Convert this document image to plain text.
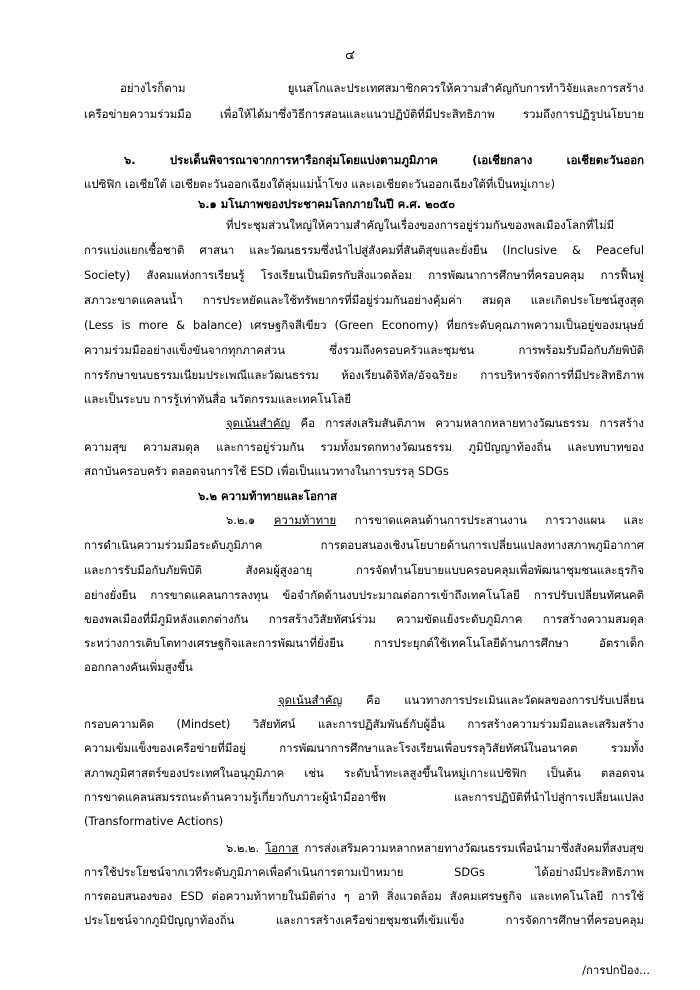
๔
อย่างไรก็ตาม ยูเนสโกและประเทศสมาชิกควรให้ความสำคัญกับการทำวิจัยและการสร้าง
เครือข่ายความร่วมมือ เพื่อให้ได้มาซึ่งวิธีการสอนและแนวปฏิบัติที่มีประสิทธิภาพ รวมถึงการปฏิรูปนโยบาย
๖. ประเด็นพิจารณาจากการหารือกลุ่มโดยแบ่งตามภูมิภาค (เอเชียกลาง เอเชียตะวันออก
แปซิฟิก เอเชียใต้ เอเชียตะวันออกเฉียงใต้ลุ่มแม่น้ำโขง และเอเชียตะวันออกเฉียงใต้ที่เป็นหมู่เกาะ)
๖.๑ มโนภาพของประชาคมโลกภายในปี ค.ศ. ๒๐๕๐
ที่ประชุมส่วนใหญ่ให้ความสำคัญในเรื่องของการอยู่ร่วมกันของพลเมืองโลกที่ไม่มี
การแบ่งแยกเชื้อชาติ ศาสนา และวัฒนธรรมซึ่งนำไปสู่สังคมที่สันติสุขและยั่งยืน (Inclusive & Peaceful
Society) สังคมแห่งการเรียนรู้ โรงเรียนเป็นมิตรกับสิ่งแวดล้อม การพัฒนาการศึกษาที่ครอบคลุม การฟื้นฟู
สภาวะขาดแคลนน้ำ การประหยัดและใช้ทรัพยากรที่มีอยู่ร่วมกันอย่างคุ้มค่า สมดุล และเกิดประโยชน์สูงสุด
(Less is more & balance) เศรษฐกิจสีเขียว (Green Economy) ที่ยกระดับคุณภาพความเป็นอยู่ของมนุษย์
ความร่วมมืออย่างแข็งขันจากทุกภาคส่วน ซึ่งรวมถึงครอบครัวและชุมชน การพร้อมรับมือกับภัยพิบัติ
การรักษาขนบธรรมเนียมประเพณีและวัฒนธรรม ห้องเรียนดิจิทัล/อัจฉริยะ การบริหารจัดการที่มีประสิทธิภาพ
และเป็นระบบ การรู้เท่าทันสื่อ นวัตกรรมและเทคโนโลยี
จุดเน้นสำคัญ คือ การส่งเสริมสันติภาพ ความหลากหลายทางวัฒนธรรม การสร้าง
ความสุข ความสมดุล และการอยู่ร่วมกัน รวมทั้งมรดกทางวัฒนธรรม ภูมิปัญญาท้องถิ่น และบทบาทของ
สถาบันครอบครัว ตลอดจนการใช้ ESD เพื่อเป็นแนวทางในการบรรลุ SDGs
๖.๒ ความท้าทายและโอกาส
๖.๒.๑ ความท้าทาย การขาดแคลนด้านการประสานงาน การวางแผน และ
การดำเนินความร่วมมือระดับภูมิภาค การตอบสนองเชิงนโยบายด้านการเปลี่ยนแปลงทางสภาพภูมิอากาศ
และการรับมือกับภัยพิบัติ สังคมผู้สูงอายุ การจัดทำนโยบายแบบครอบคลุมเพื่อพัฒนาชุมชนและธุรกิจ
อย่างยั่งยืน การขาดแคลนการลงทุน ข้อจำกัดด้านงบประมาณต่อการเข้าถึงเทคโนโลยี การปรับเปลี่ยนทัศนคติ
ของพลเมืองที่มีภูมิหลังแตกต่างกัน การสร้างวิสัยทัศน์ร่วม ความขัดแย้งระดับภูมิภาค การสร้างความสมดุล
ระหว่างการเติบโตทางเศรษฐกิจและการพัฒนาที่ยั่งยืน การประยุกต์ใช้เทคโนโลยีด้านการศึกษา อัตราเด็ก
ออกกลางคันเพิ่มสูงขึ้น
จุดเน้นสำคัญ คือ แนวทางการประเมินและวัดผลของการปรับเปลี่ยน
กรอบความคิด (Mindset) วิสัยทัศน์ และการปฏิสัมพันธ์กับผู้อื่น การสร้างความร่วมมือและเสริมสร้าง
ความเข้มแข็งของเครือข่ายที่มีอยู่ การพัฒนาการศึกษาและโรงเรียนเพื่อบรรลุวิสัยทัศน์ในอนาคต รวมทั้ง
สภาพภูมิศาสตร์ของประเทศในอนุภูมิภาค เช่น ระดับน้ำทะเลสูงขึ้นในหมู่เกาะแปซิฟิก เป็นต้น ตลอดจน
การขาดแคลนสมรรถนะด้านความรู้เกี่ยวกับภาวะผู้นำมืออาชีพ และการปฏิบัติที่นำไปสู่การเปลี่ยนแปลง
(Transformative Actions)
๖.๒.๒. โอกาส การส่งเสริมความหลากหลายทางวัฒนธรรมเพื่อนำมาซึ่งสังคมที่สงบสุข
การใช้ประโยชน์จากเวทีระดับภูมิภาคเพื่อดำเนินการตามเป้าหมาย SDGs ได้อย่างมีประสิทธิภาพ
การตอบสนองของ ESD ต่อความท้าทายในมิติต่าง ๆ อาทิ สิ่งแวดล้อม สังคมเศรษฐกิจ และเทคโนโลยี การใช้
ประโยชน์จากภูมิปัญญาท้องถิ่น และการสร้างเครือข่ายชุมชนที่เข้มแข็ง การจัดการศึกษาที่ครอบคลุม
/การปกป้อง...
